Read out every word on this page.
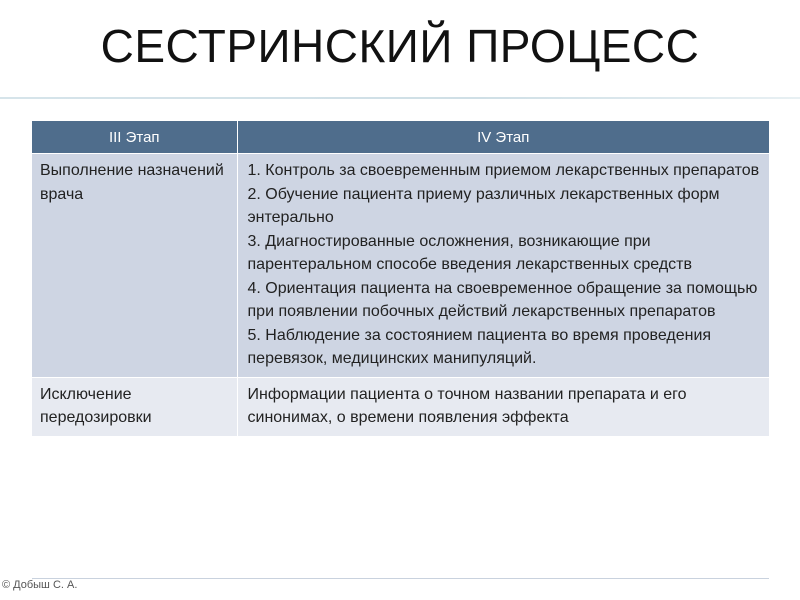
СЕСТРИНСКИЙ ПРОЦЕСС
III Этап	IV Этап
Выполнение назначений врача	1. Контроль за своевременным приемом лекарственных препаратов
2. Обучение пациента приему различных лекарственных форм энтерально
3. Диагностированные осложнения, возникающие при парентеральном способе введения лекарственных средств
4. Ориентация пациента на своевременное обращение за помощью при появлении побочных действий лекарственных препаратов
5. Наблюдение за состоянием пациента во время проведения перевязок, медицинских манипуляций.

Исключение передозировки	Информации пациента о точном названии препарата и его синонимах, о времени появления эффекта
© Добыш С. А.
